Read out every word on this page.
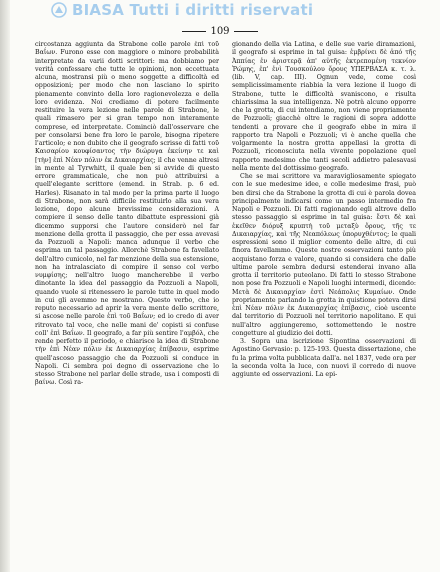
BIASA Tutti i diritti riservati
109

circostanza aggiunta da Strabone colle parole ἐπὶ τοῦ Βαΐων. Furono esse con maggiore o minore probabilità interpretate da varii dotti scrittori: ma dobbiamo per verità confessare che tutte le opinioni, non eccettuata alcuna, mostransi più o meno soggette a difficoltà ed opposizioni; per modo che non lasciano lo spirito pienamente convinto della loro ragionevolezza e della loro evidenza. Noi crediamo di potere facilmente restituire la vera lezione nelle parole di Strabone, le quali rimasero per si gran tempo non interamente comprese, ed interpretate. Cominciò dall'osservare che per consolarsi bene fra loro le parole, bisogna ripetere l'articolo; e non dubito che il geografo scrisse di fatti τοῦ Καισαρίου κουφίσαντος τὴν διώρυγα ἐκείνην τε καὶ [τὴν] ἐπὶ Νέαν πόλιν ἐκ Δικαιαρχίας; il che venne altresi in mente al Tyrwhitt, il quale ben si avvide di questo errore grammaticale, che non può attribuirsi a quell'elegante scrittore (emend. in Strab. p. 6 ed. Harles). Risanato in tal modo per la prima parte il luogo di Strabone, non sarà difficile restituirlo alla sua vera lezione, dopo alcune brevissime considerazioni. A compiere il senso delle tanto dibattute espressioni già dicemmo supporsi che l'autore considerò nel far menzione della grotta il passaggio, che per essa avevasi da Pozzuoli a Napoli: manca adunque il verbo che esprima un tal passaggio. Allorchè Strabone fa favellato dell'altro cunicolo, nel far menzione della sua estensione, non ha intralasciato di compire il senso col verbo νυμφίσης; nell'altro luogo mancherebbe il verbo dinotante la idea del passaggio da Pozzuoli a Napoli, quando vuole si ritenessero le parole tutte in quel modo in cui gli avemmo ne mostrano. Questo verbo, che io reputo necessario ad aprir la vera mente dello scrittore, si ascose nelle parole ἐπὶ τοῦ Βαΐων; ed io credo di aver ritrovato tal voce, che nelle mani de' copisti si confuse coll' ἐπὶ Βαΐων. Il geografo, a far più sentire l'αμβόλ, che rende perfetto il periodo, e chiarisce la idea di Strabone τὴν ἐπὶ Νέαν πόλιν ἐκ Δικαιαρχίας ἐπίβασιν, esprime quell'ascoso passaggio che da Pozzuoli si conduce in Napoli. Ci sembra poi degno di osservazione che lo stesso Strabone nel parlar delle strade, usa i composti di βαίνω. Così ra-

gionando della via Latina, e delle sue varie diramazioni, il geografo si esprime in tal guisa: ἐμβρίνει δὲ ἀπό τῆς Ἀππίας ἐν ἀριστερᾷ ἀπ' αὐτῆς ἐκτρεπομένη τεκνίον Ῥώμης, ἐπ' ἐνὶ Τουσκούλου ὄρους ΥΠΕΡΒΑΣΑ κ. τ. λ. (lib. V, cap. III). Ognun vede, come così semplicissimamente riabbia la vera lezione il luogo di Strabone, tutte le difficoltà svaniscono, e risulta chiarissima la sua intelligenza. Nè potrà alcuno opporre che la grotta, di cui intendiamo, non viene propriamente de Pozzuoli; giacchè oltre le ragioni di sopra addotte tendenti a provare che il geografo ebbe in mira il rapporto tra Napoli e Pozzuoli; vi è anche quella che volgarmente la nostra grotta appellasi la grotta di Pozzuoli, riconosciuta nella vivente popolazione quel rapporto medesimo che tanti secoli addietro palesavasi nella mente del dottissimo geografo.

Che se mai scrittore va maravigliosamente spiegato con le sue medesime idee, e colle medesime frasi, può ben dirsi che da Strabone la grotta di cui è parola dovea principalmente indicarsi come un passo intermedio fra Napoli e Pozzuoli. Di fatti ragionando egli altrove dello stesso passaggio si esprime in tal guisa: ἔστι δὲ καὶ ἐκεῖθεν διόρυξ κρυπτὴ τοῦ μεταξὺ ὄρους, τῆς τε Δικαιαρχίας, καὶ τῆς Νεαπόλεως ὑπορυχθέντος; le quali espressioni sono il miglior comento delle altre, di cui finora favellammo. Queste nostre osservazioni tanto più acquistano forza e valore, quando si considera che dalle ultime parole sembra dedursi estenderai invano alla grotta il territorio puteolano. Di fatti lo stesso Strabone non pose fra Pozzuoli e Napoli luoghi intermedi, dicendo: Μετὰ δὲ Δικαιαρχίαν ἐστὶ Νεάπολις Κυμαίων. Onde propriamente parlando la grotta in quistione poteva dirsi ἐπὶ Νέαν πόλιν ἐκ Δικαιαρχίας ἐπίβασις, cioè uscente dal territorio di Pozzuoli nel territorio napolitano. E qui null'altro aggiungeremo, sottomettendo le nostre congetture al giudizio dei dotti.

3. Sopra una iscrizione Sipontina osservazioni di Agostino Gervasio: p. 125-193. Questa dissertazione, che fu la prima volta pubblicata dall'a. nel 1837, vede ora per la seconda volta la luce, con nuovi il corredo di nuove aggiunte ed osservazioni. La epi-
